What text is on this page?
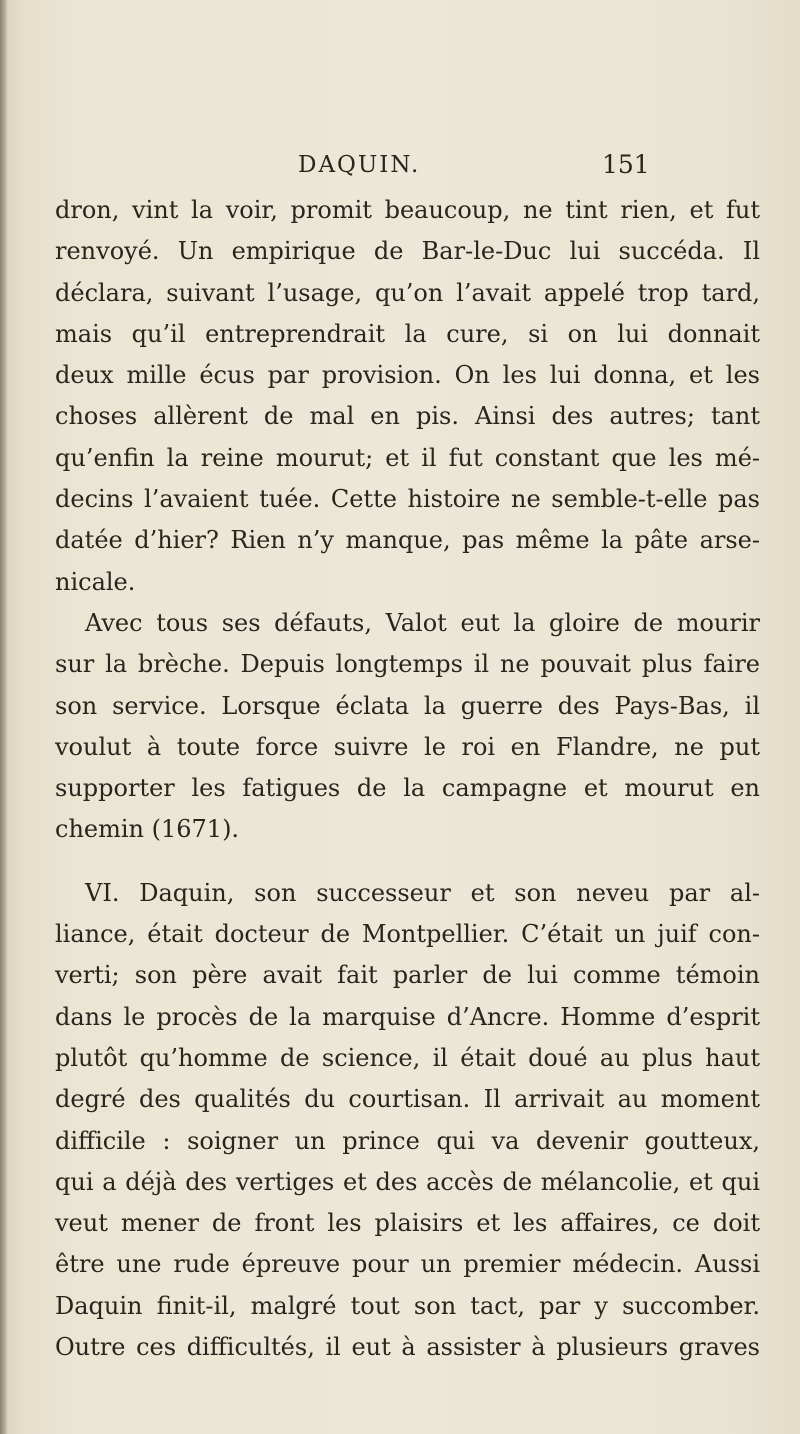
DAQUIN.	151
dron, vint la voir, promit beaucoup, ne tint rien, et fut
renvoyé. Un empirique de Bar-le-Duc lui succéda. Il
déclara, suivant l’usage, qu’on l’avait appelé trop tard,
mais qu’il entreprendrait la cure, si on lui donnait
deux mille écus par provision. On les lui donna, et les
choses allèrent de mal en pis. Ainsi des autres; tant
qu’enfin la reine mourut; et il fut constant que les mé-
decins l’avaient tuée. Cette histoire ne semble-t-elle pas
datée d’hier? Rien n’y manque, pas même la pâte arse-
nicale.
Avec tous ses défauts, Valot eut la gloire de mourir
sur la brèche. Depuis longtemps il ne pouvait plus faire
son service. Lorsque éclata la guerre des Pays-Bas, il
voulut à toute force suivre le roi en Flandre, ne put
supporter les fatigues de la campagne et mourut en
chemin (1671).
VI. Daquin, son successeur et son neveu par al-
liance, était docteur de Montpellier. C’était un juif con-
verti; son père avait fait parler de lui comme témoin
dans le procès de la marquise d’Ancre. Homme d’esprit
plutôt qu’homme de science, il était doué au plus haut
degré des qualités du courtisan. Il arrivait au moment
difficile : soigner un prince qui va devenir goutteux,
qui a déjà des vertiges et des accès de mélancolie, et qui
veut mener de front les plaisirs et les affaires, ce doit
être une rude épreuve pour un premier médecin. Aussi
Daquin finit-il, malgré tout son tact, par y succomber.
Outre ces difficultés, il eut à assister à plusieurs graves
